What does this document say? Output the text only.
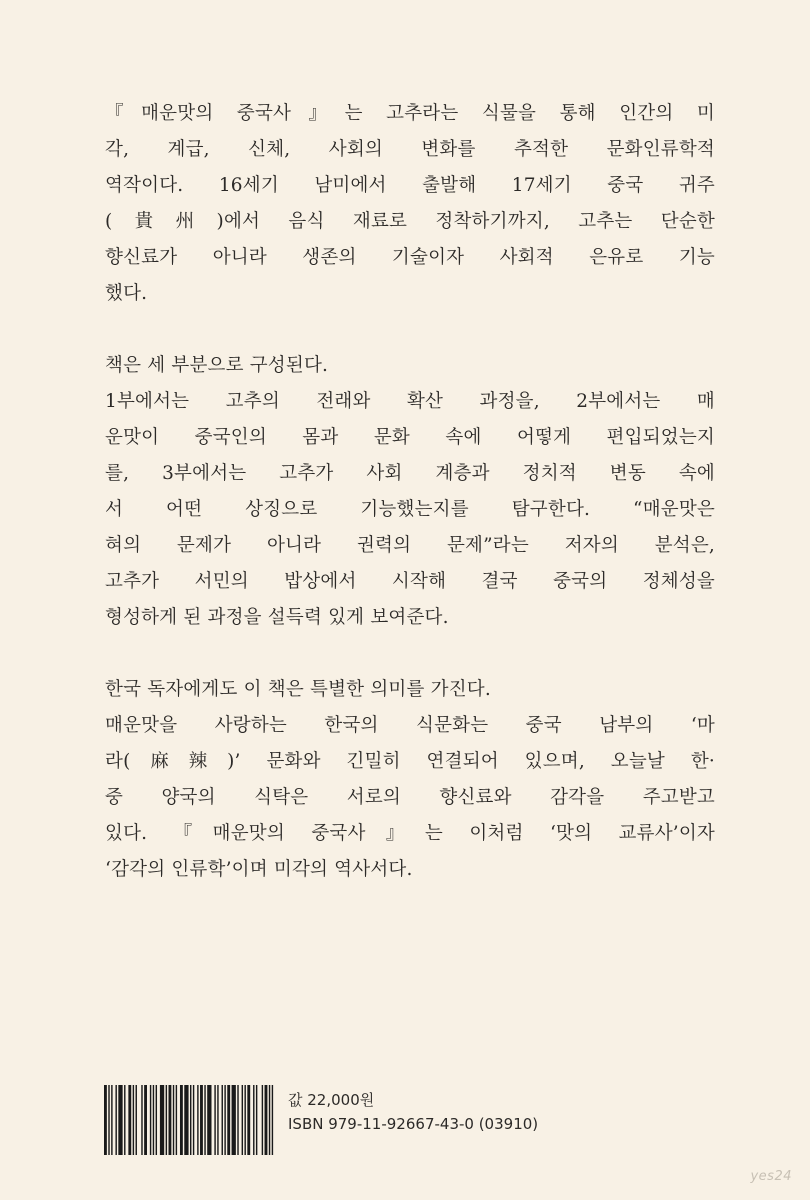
『매운맛의 중국사』는 고추라는 식물을 통해 인간의 미
각, 계급, 신체, 사회의 변화를 추적한 문화인류학적
역작이다. 16세기 남미에서 출발해 17세기 중국 귀주
(貴州)에서 음식 재료로 정착하기까지, 고추는 단순한
향신료가 아니라 생존의 기술이자 사회적 은유로 기능
했다.
책은 세 부분으로 구성된다.
1부에서는 고추의 전래와 확산 과정을, 2부에서는 매
운맛이 중국인의 몸과 문화 속에 어떻게 편입되었는지
를, 3부에서는 고추가 사회 계층과 정치적 변동 속에
서 어떤 상징으로 기능했는지를 탐구한다. “매운맛은
혀의 문제가 아니라 권력의 문제”라는 저자의 분석은,
고추가 서민의 밥상에서 시작해 결국 중국의 정체성을
형성하게 된 과정을 설득력 있게 보여준다.
한국 독자에게도 이 책은 특별한 의미를 가진다.
매운맛을 사랑하는 한국의 식문화는 중국 남부의 ‘마
라(麻辣)’ 문화와 긴밀히 연결되어 있으며, 오늘날 한·
중 양국의 식탁은 서로의 향신료와 감각을 주고받고
있다. 『매운맛의 중국사』는 이처럼 ‘맛의 교류사’이자
‘감각의 인류학’이며 미각의 역사서다.
값 22,000원
ISBN 979-11-92667-43-0 (03910)
yes24
